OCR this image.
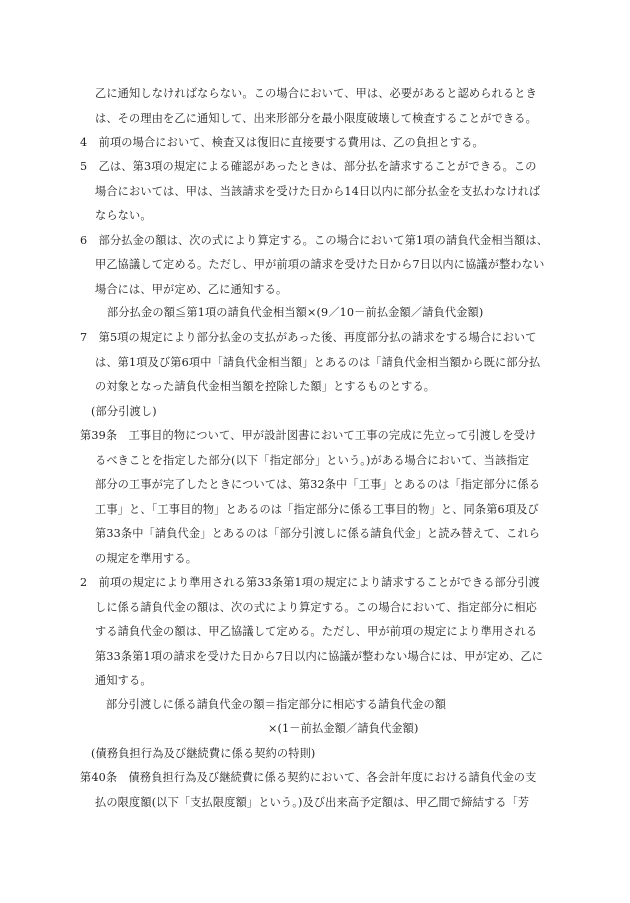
乙に通知しなければならない。この場合において、甲は、必要があると認められるとき
は、その理由を乙に通知して、出来形部分を最小限度破壊して検査することができる。
4　前項の場合において、検査又は復旧に直接要する費用は、乙の負担とする。
5　乙は、第3項の規定による確認があったときは、部分払を請求することができる。この
場合においては、甲は、当該請求を受けた日から14日以内に部分払金を支払わなければ
ならない。
6　部分払金の額は、次の式により算定する。この場合において第1項の請負代金相当額は、
甲乙協議して定める。ただし、甲が前項の請求を受けた日から7日以内に協議が整わない
場合には、甲が定め、乙に通知する。
部分払金の額≦第1項の請負代金相当額×(9／10－前払金額／請負代金額)
7　第5項の規定により部分払金の支払があった後、再度部分払の請求をする場合において
は、第1項及び第6項中「請負代金相当額」とあるのは「請負代金相当額から既に部分払
の対象となった請負代金相当額を控除した額」とするものとする。
(部分引渡し)
第39条　工事目的物について、甲が設計図書において工事の完成に先立って引渡しを受け
るべきことを指定した部分(以下「指定部分」という。)がある場合において、当該指定
部分の工事が完了したときについては、第32条中「工事」とあるのは「指定部分に係る
工事」と、「工事目的物」とあるのは「指定部分に係る工事目的物」と、同条第6項及び
第33条中「請負代金」とあるのは「部分引渡しに係る請負代金」と読み替えて、これら
の規定を準用する。
2　前項の規定により準用される第33条第1項の規定により請求することができる部分引渡
しに係る請負代金の額は、次の式により算定する。この場合において、指定部分に相応
する請負代金の額は、甲乙協議して定める。ただし、甲が前項の規定により準用される
第33条第1項の請求を受けた日から7日以内に協議が整わない場合には、甲が定め、乙に
通知する。
部分引渡しに係る請負代金の額＝指定部分に相応する請負代金の額
×(1－前払金額／請負代金額)
(債務負担行為及び継続費に係る契約の特則)
第40条　債務負担行為及び継続費に係る契約において、各会計年度における請負代金の支
払の限度額(以下「支払限度額」という。)及び出来高予定額は、甲乙間で締結する「芳
